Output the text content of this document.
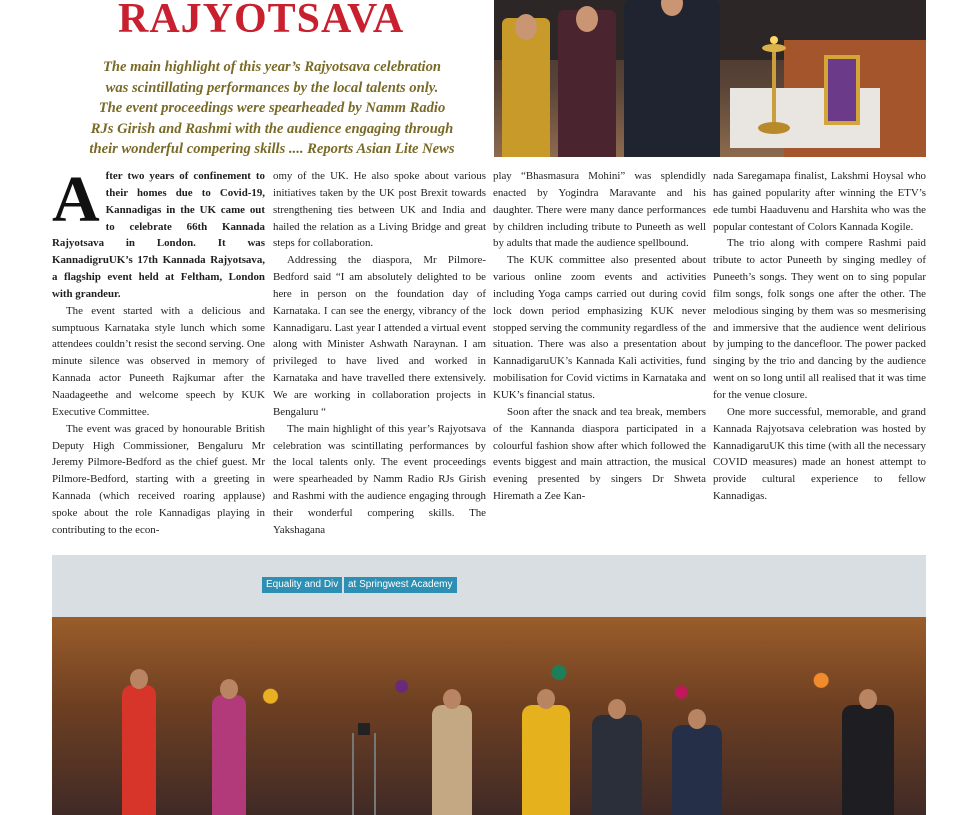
RAJYOTSAVA
The main highlight of this year’s Rajyotsava celebration
was scintillating performances by the local talents only.
The event proceedings were spearheaded by Namm Radio
RJs Girish and Rashmi with the audience engaging through
their wonderful compering skills .... Reports Asian Lite News
A fter two years of confinement to their homes due to Covid-19, Kannadigas in the UK came out to celebrate 66th Kannada Rajyotsava in London. It was KannadigruUK’s 17th Kannada Rajyotsava, a flagship event held at Feltham, London with grandeur.

The event started with a delicious and sumptuous Karnataka style lunch which some attendees couldn’t resist the second serving. One minute silence was observed in memory of Kannada actor Puneeth Rajkumar after the Naadageethe and welcome speech by KUK Executive Committee.

The event was graced by honourable British Deputy High Commissioner, Bengaluru Mr Jeremy Pilmore-Bedford as the chief guest. Mr Pilmore-Bedford, starting with a greeting in Kannada (which received roaring applause) spoke about the role Kannadigas playing in contributing to the econ-

omy of the UK. He also spoke about various initiatives taken by the UK post Brexit towards strengthening ties between UK and India and hailed the relation as a Living Bridge and great steps for collaboration.

Addressing the diaspora, Mr Pilmore-Bedford said “I am absolutely delighted to be here in person on the foundation day of Karnataka. I can see the energy, vibrancy of the Kannadigaru. Last year I attended a virtual event along with Minister Ashwath Naraynan. I am privileged to have lived and worked in Karnataka and have travelled there extensively. We are working in collaboration projects in Bengaluru “

The main highlight of this year’s Rajyotsava celebration was scintillating performances by the local talents only. The event proceedings were spearheaded by Namm Radio RJs Girish and Rashmi with the audience engaging through their wonderful compering skills. The Yakshagana

play “Bhasmasura Mohini” was splendidly enacted by Yogindra Maravante and his daughter. There were many dance performances by children including tribute to Puneeth as well by adults that made the audience spellbound.

The KUK committee also presented about various online zoom events and activities including Yoga camps carried out during covid lock down period emphasizing KUK never stopped serving the community regardless of the situation. There was also a presentation about KannadigaruUK’s Kannada Kali activities, fund mobilisation for Covid victims in Karnataka and KUK’s financial status.

Soon after the snack and tea break, members of the Kannanda diaspora participated in a colourful fashion show after which followed the events biggest and main attraction, the musical evening presented by singers Dr Shweta Hiremath a Zee Kan-

nada Saregamapa finalist, Lakshmi Hoysal who has gained popularity after winning the ETV’s ede tumbi Haaduvenu and Harshita who was the popular contestant of Colors Kannada Kogile.

The trio along with compere Rashmi paid tribute to actor Puneeth by singing medley of Puneeth’s songs. They went on to sing popular film songs, folk songs one after the other. The melodious singing by them was so mesmerising and immersive that the audience went delirious by jumping to the dancefloor. The power packed singing by the trio and dancing by the audience went on so long until all realised that it was time for the venue closure.

One more successful, memorable, and grand Kannada Rajyotsava celebration was hosted by KannadigaruUK this time (with all the necessary COVID measures) made an honest attempt to provide cultural experience to fellow Kannadigas.

Equality and Div at Springwest Academy
